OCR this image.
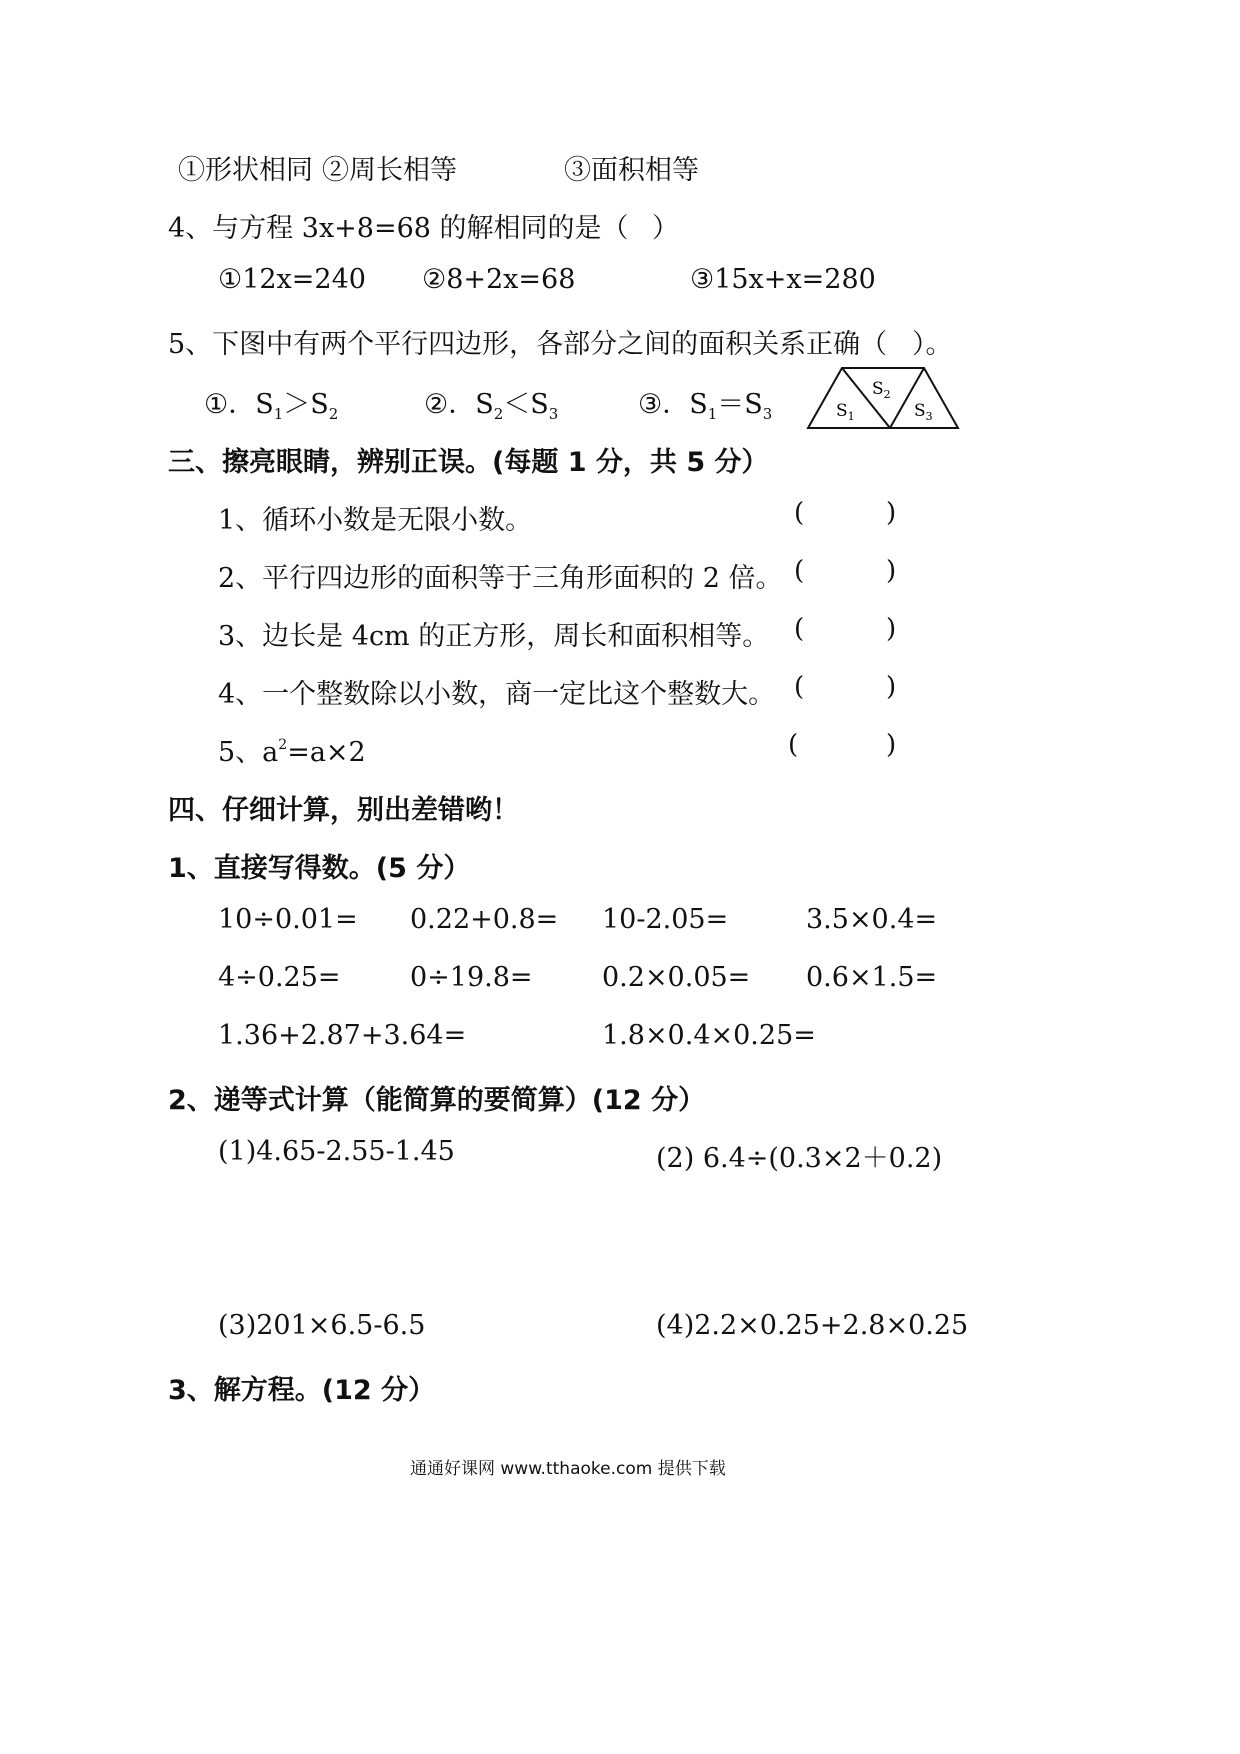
①形状相同 ②周长相等	③面积相等
4、与方程 3x+8=68 的解相同的是（ ）
①12x=240 ②8+2x=68	③15x+x=280
5、下图中有两个平行四边形，各部分之间的面积关系正确（ ）。
①．$S_1>S_2$	②．$S_2<S_3$	③．$S_1=S_3$	$S_1$
$S_2$
$S_3$
三、擦亮眼睛，辨别正误。(每题 1 分，共 5 分）
1、循环小数是无限小数。	(	)
2、平行四边形的面积等于三角形面积的 2 倍。 (	)
3、边长是 4cm 的正方形，周长和面积相等。 (	)
4、一个整数除以小数，商一定比这个整数大。 (	)
5、$a^2=a\times 2$	(	)
四、仔细计算，别出差错哟！
1、直接写得数。(5 分）
10÷0.01= 0.22+0.8= 10-2.05=	3.5×0.4=
4÷0.25=	0÷19.8=	0.2×0.05= 0.6×1.5=
1.36+2.87+3.64=	1.8×0.4×0.25=
2、递等式计算（能简算的要简算）(12 分）
(1)4.65-2.55-1.45	(2) 6.4÷(0.3×2＋0.2)
(3)201×6.5-6.5	(4)2.2×0.25+2.8×0.25
3、解方程。(12 分）
通通好课网 www.tthaoke.com 提供下载
